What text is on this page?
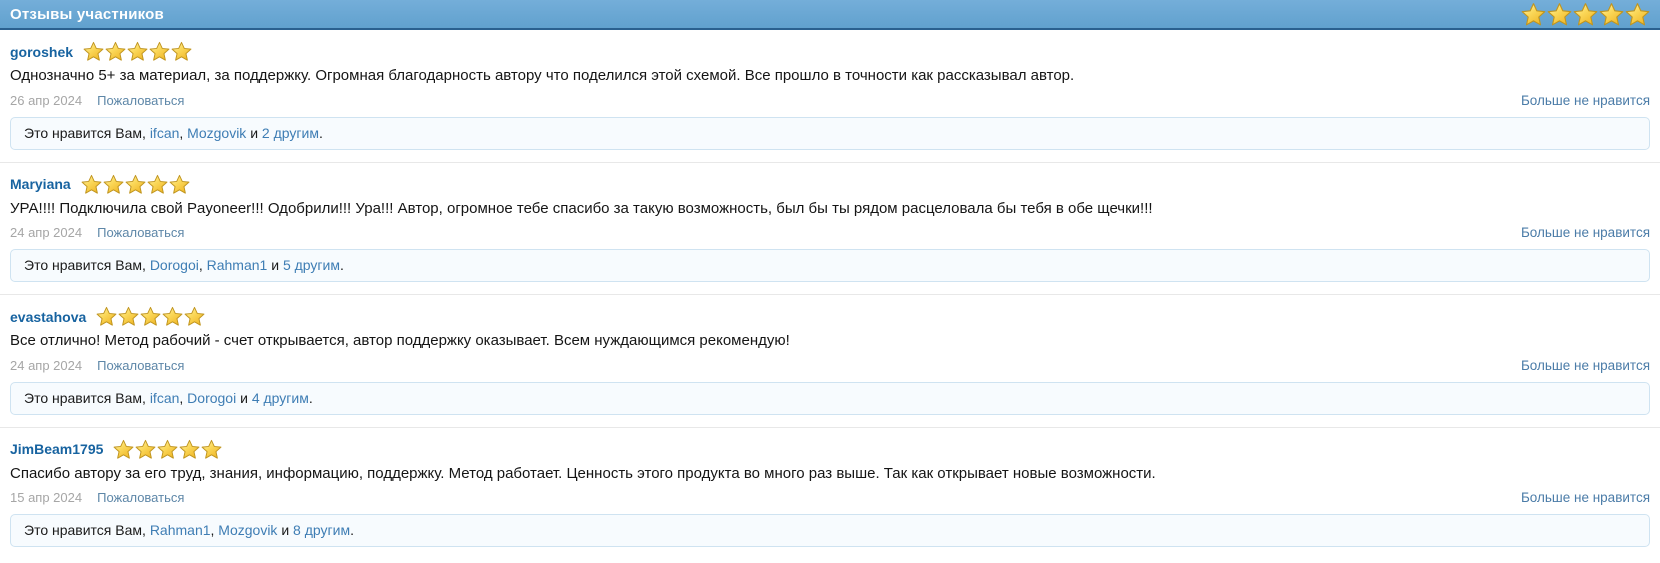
Отзывы участников
goroshek
Однозначно 5+ за материал, за поддержку. Огромная благодарность автору что поделился этой схемой. Все прошло в точности как рассказывал автор.
26 апр 2024 Пожаловаться	Больше не нравится
Это нравится Вам, ifcan, Mozgovik и 2 другим.
Maryiana
УРА!!!! Подключила свой Payoneer!!! Одобрили!!! Ура!!! Автор, огромное тебе спасибо за такую возможность, был бы ты рядом расцеловала бы тебя в обе щечки!!!
24 апр 2024 Пожаловаться	Больше не нравится
Это нравится Вам, Dorogoi, Rahman1 и 5 другим.
evastahova
Все отлично! Метод рабочий - счет открывается, автор поддержку оказывает. Всем нуждающимся рекомендую!
24 апр 2024 Пожаловаться	Больше не нравится
Это нравится Вам, ifcan, Dorogoi и 4 другим.
JimBeam1795
Спасибо автору за его труд, знания, информацию, поддержку. Метод работает. Ценность этого продукта во много раз выше. Так как открывает новые возможности.
15 апр 2024 Пожаловаться	Больше не нравится
Это нравится Вам, Rahman1, Mozgovik и 8 другим.
